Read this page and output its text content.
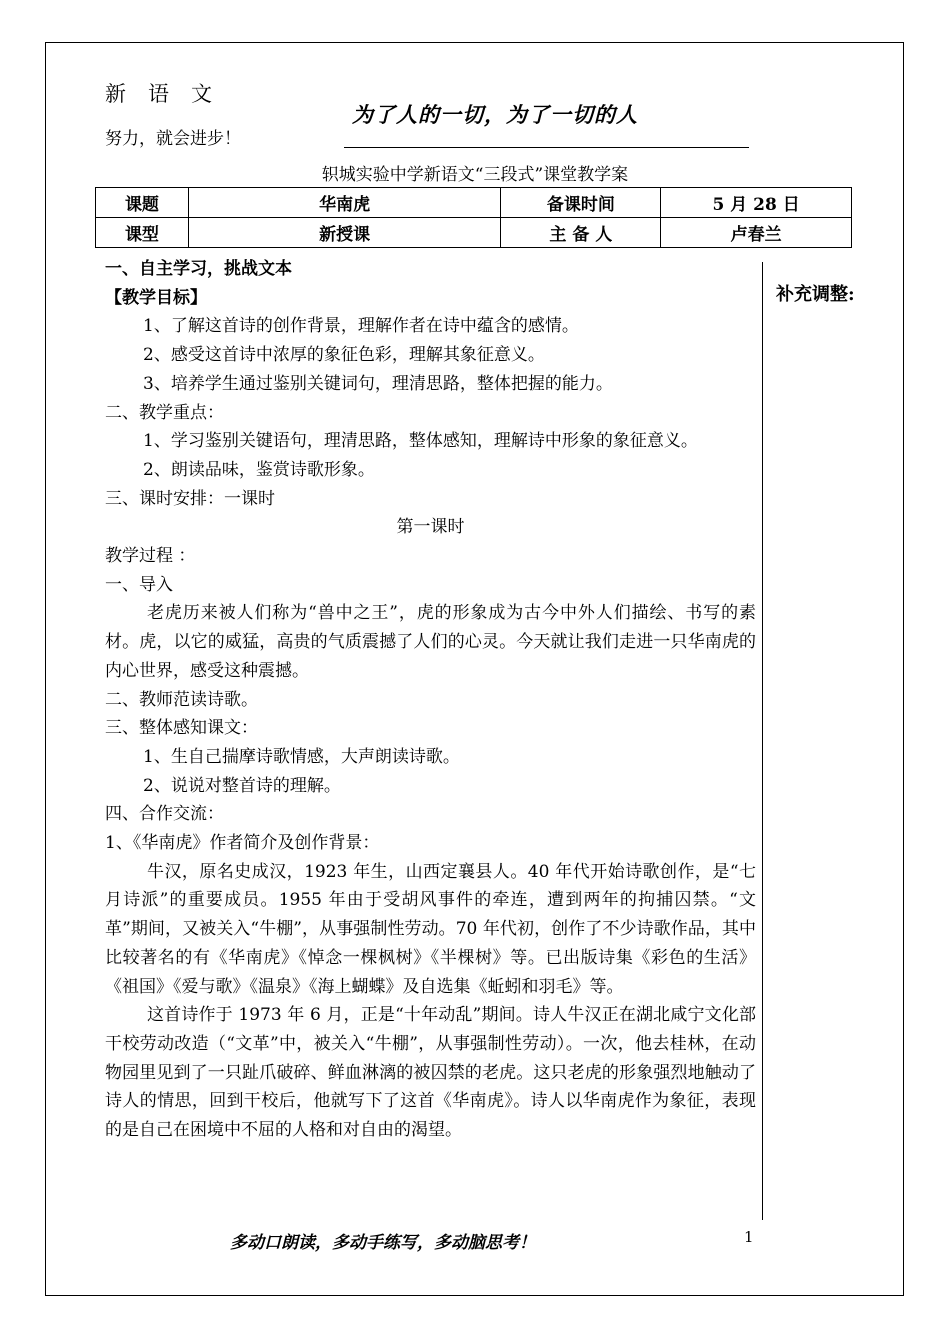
新语文
努力，就会进步！
为了人的一切，为了一切的人
轵城实验中学新语文“三段式”课堂教学案
课题	华南虎	备课时间	5 月 28 日
课型	新授课	主 备 人	卢春兰
补充调整:

一、自主学习，挑战文本

【教学目标】

1、了解这首诗的创作背景，理解作者在诗中蕴含的感情。

2、感受这首诗中浓厚的象征色彩，理解其象征意义。

3、培养学生通过鉴别关键词句，理清思路，整体把握的能力。

二、教学重点：

1、学习鉴别关键语句，理清思路，整体感知，理解诗中形象的象征意义。

2、朗读品味，鉴赏诗歌形象。

三、课时安排：一课时

第一课时

教学过程 ：

一、导入

老虎历来被人们称为“兽中之王”，虎的形象成为古今中外人们描绘、书写的素材。虎，以它的威猛，高贵的气质震撼了人们的心灵。今天就让我们走进一只华南虎的内心世界，感受这种震撼。

二、教师范读诗歌。

三、整体感知课文：

1、生自己揣摩诗歌情感，大声朗读诗歌。

2、说说对整首诗的理解。

四、合作交流：

1、《华南虎》作者简介及创作背景：

牛汉，原名史成汉，1923 年生，山西定襄县人。40 年代开始诗歌创作，是“七月诗派”的重要成员。1955 年由于受胡风事件的牵连，遭到两年的拘捕囚禁。“文革”期间，又被关入“牛棚”，从事强制性劳动。70 年代初，创作了不少诗歌作品，其中比较著名的有《华南虎》《悼念一棵枫树》《半棵树》等。已出版诗集《彩色的生活》《祖国》《爱与歌》《温泉》《海上蝴蝶》及自选集《蚯蚓和羽毛》等。

这首诗作于 1973 年 6 月，正是“十年动乱”期间。诗人牛汉正在湖北咸宁文化部干校劳动改造（“文革”中，被关入“牛棚”，从事强制性劳动）。一次，他去桂林，在动物园里见到了一只趾爪破碎、鲜血淋漓的被囚禁的老虎。这只老虎的形象强烈地触动了诗人的情思，回到干校后，他就写下了这首《华南虎》。诗人以华南虎作为象征，表现的是自己在困境中不屈的人格和对自由的渴望。

多动口朗读，多动手练写，多动脑思考！	1
